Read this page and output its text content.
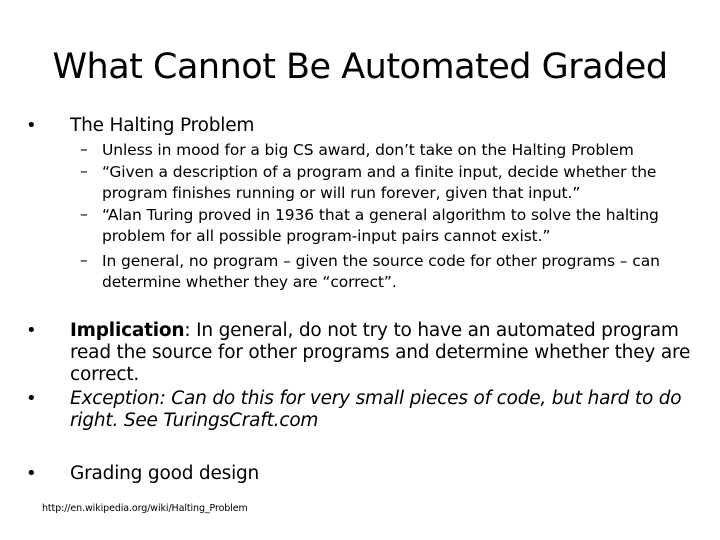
What Cannot Be Automated Graded
• The Halting Problem
– Unless in mood for a big CS award, don’t take on the Halting Problem
– “Given a description of a program and a finite input, decide whether the program finishes running or will run forever, given that input.”
– “Alan Turing proved in 1936 that a general algorithm to solve the halting problem for all possible program-input pairs cannot exist.”
– In general, no program – given the source code for other programs – can determine whether they are “correct”.
• Implication: In general, do not try to have an automated program read the source for other programs and determine whether they are correct.
• Exception: Can do this for very small pieces of code, but hard to do right. See TuringsCraft.com
• Grading good design
http://en.wikipedia.org/wiki/Halting_Problem
